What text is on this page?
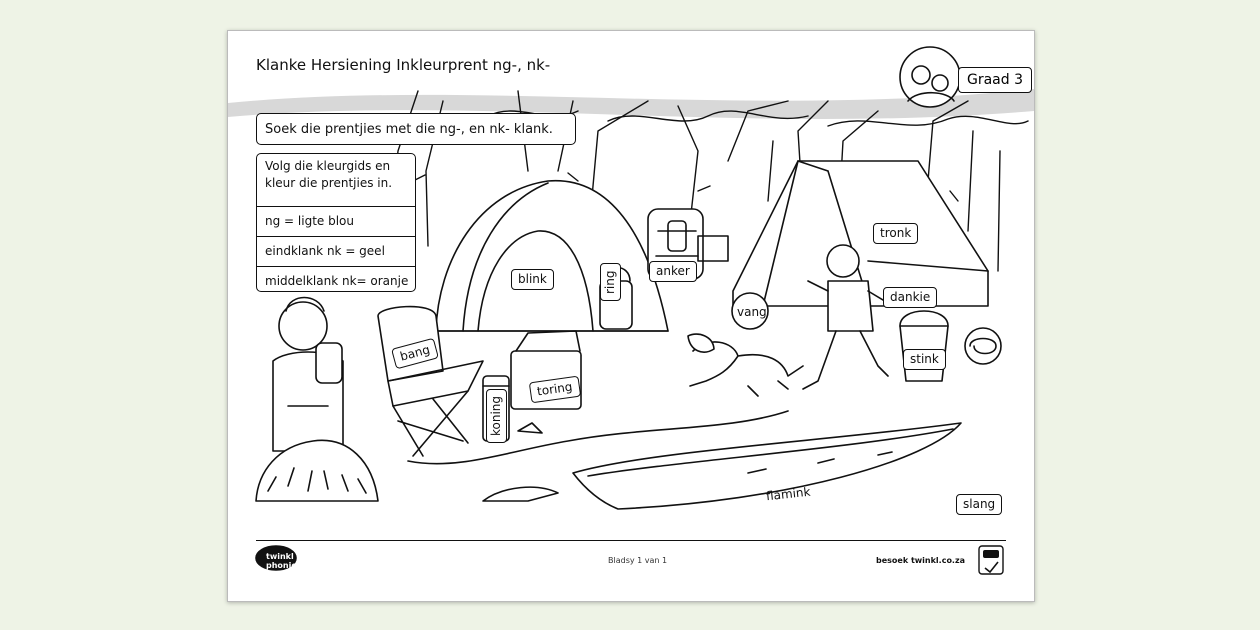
Klanke Hersiening Inkleurprent ng-, nk-
Graad 3
Soek die prentjies met die ng-, en nk- klank.
Volg die kleurgids en kleur die prentjies in.
ng = ligte blou
eindklank nk = geel
middelklank nk= oranje	blink
anker
ring
tronk
dankie
vang
bang
toring
koning
stink
flamink
slang
twinkl phonics
Bladsy 1 van 1	besoek twinkl.co.za
